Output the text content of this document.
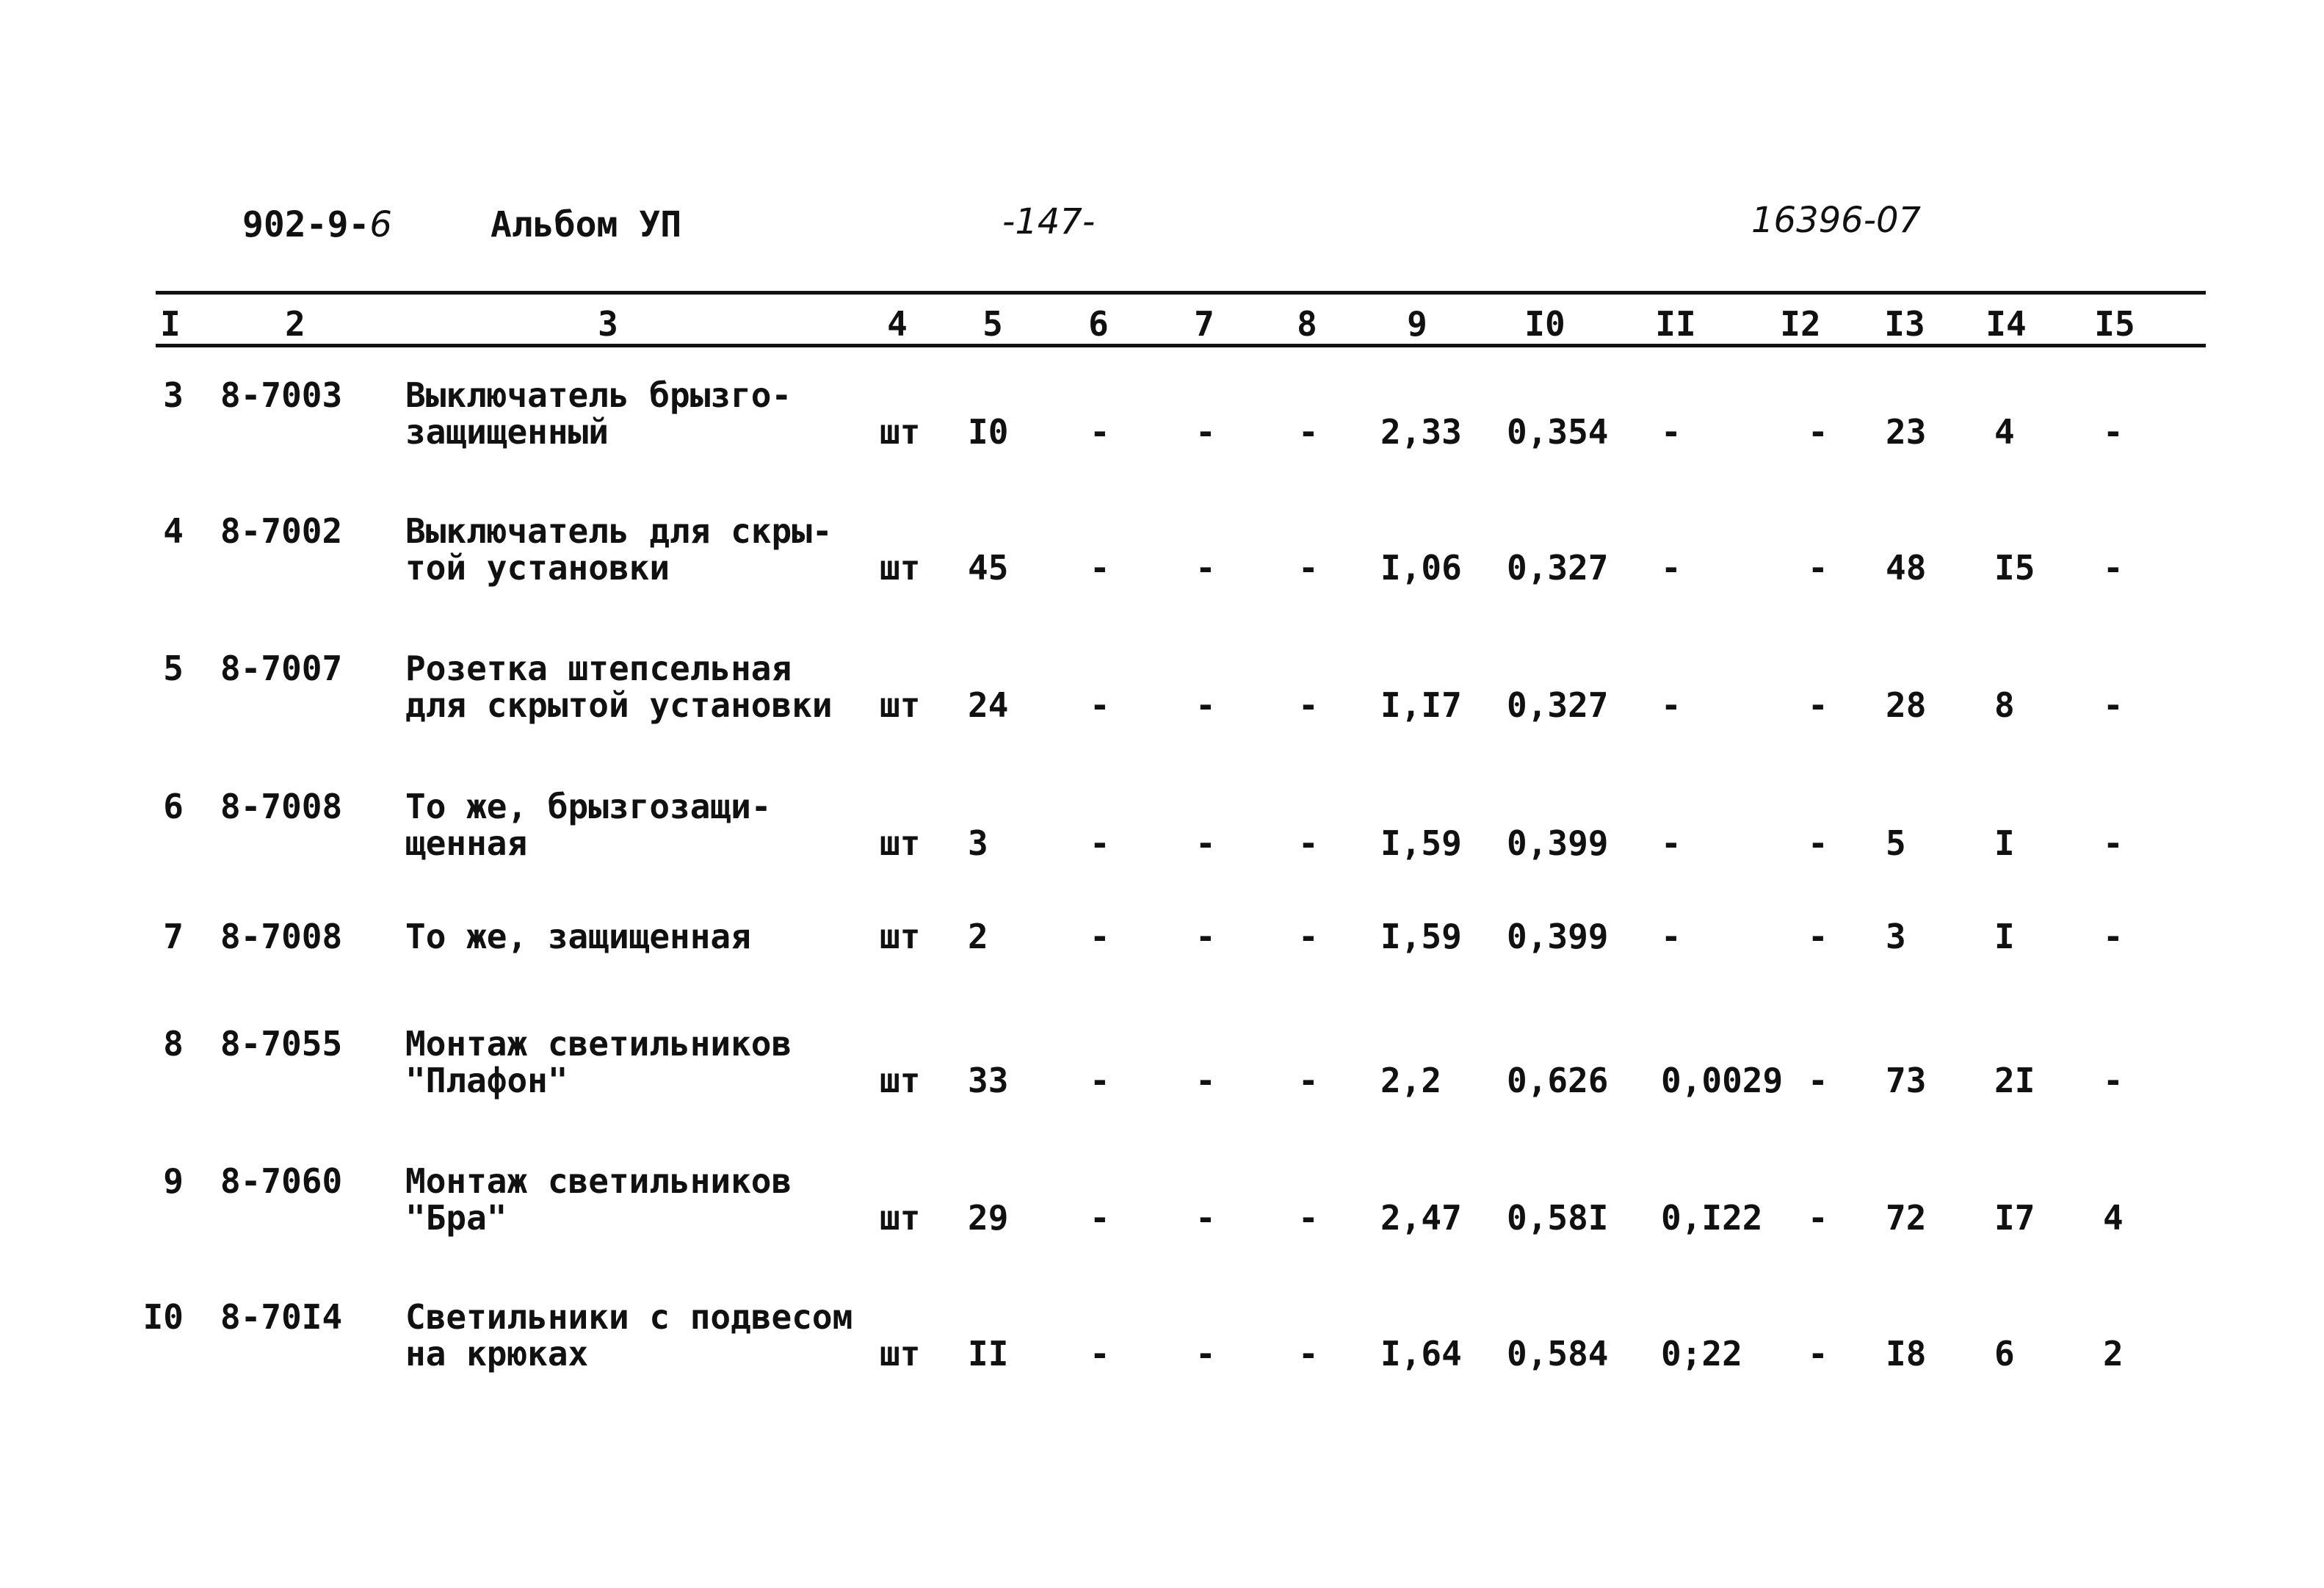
902-9-6	Альбом УП	-147-	16396-07
I	2	3	4	5	6	7	8	9	I0	II I2 I3 I4 I5
3 8-7003 Выключатель брызго-
защищенный	шт I0 -	- - 2,33 0,354 -	- 23 4	-
4 8-7002 Выключатель для скры-
той установки	шт 45 -	- - I,06 0,327 -	- 48 I5 -
5 8-7007 Розетка штепсельная
для скрытой установки шт 24 -	- - I,I7 0,327 -	- 28 8	-
6 8-7008 То же, брызгозащи-
щенная	шт 3	-	- - I,59 0,399 -	- 5	I	-
7 8-7008 То же, защищенная	шт 2	-	- - I,59 0,399 -	- 3	I	-
8 8-7055 Монтаж светильников
"Плафон"	шт 33 -	- - 2,2 0,626 0,0029 - 73 2I -
9 8-7060 Монтаж светильников
"Бра"	шт 29 -	- - 2,47 0,58I 0,I22 - 72 I7 4
I0 8-70I4 Светильники с подвесом
на крюках	шт II -	- - I,64 0,584 0;22 - I8 6	2
